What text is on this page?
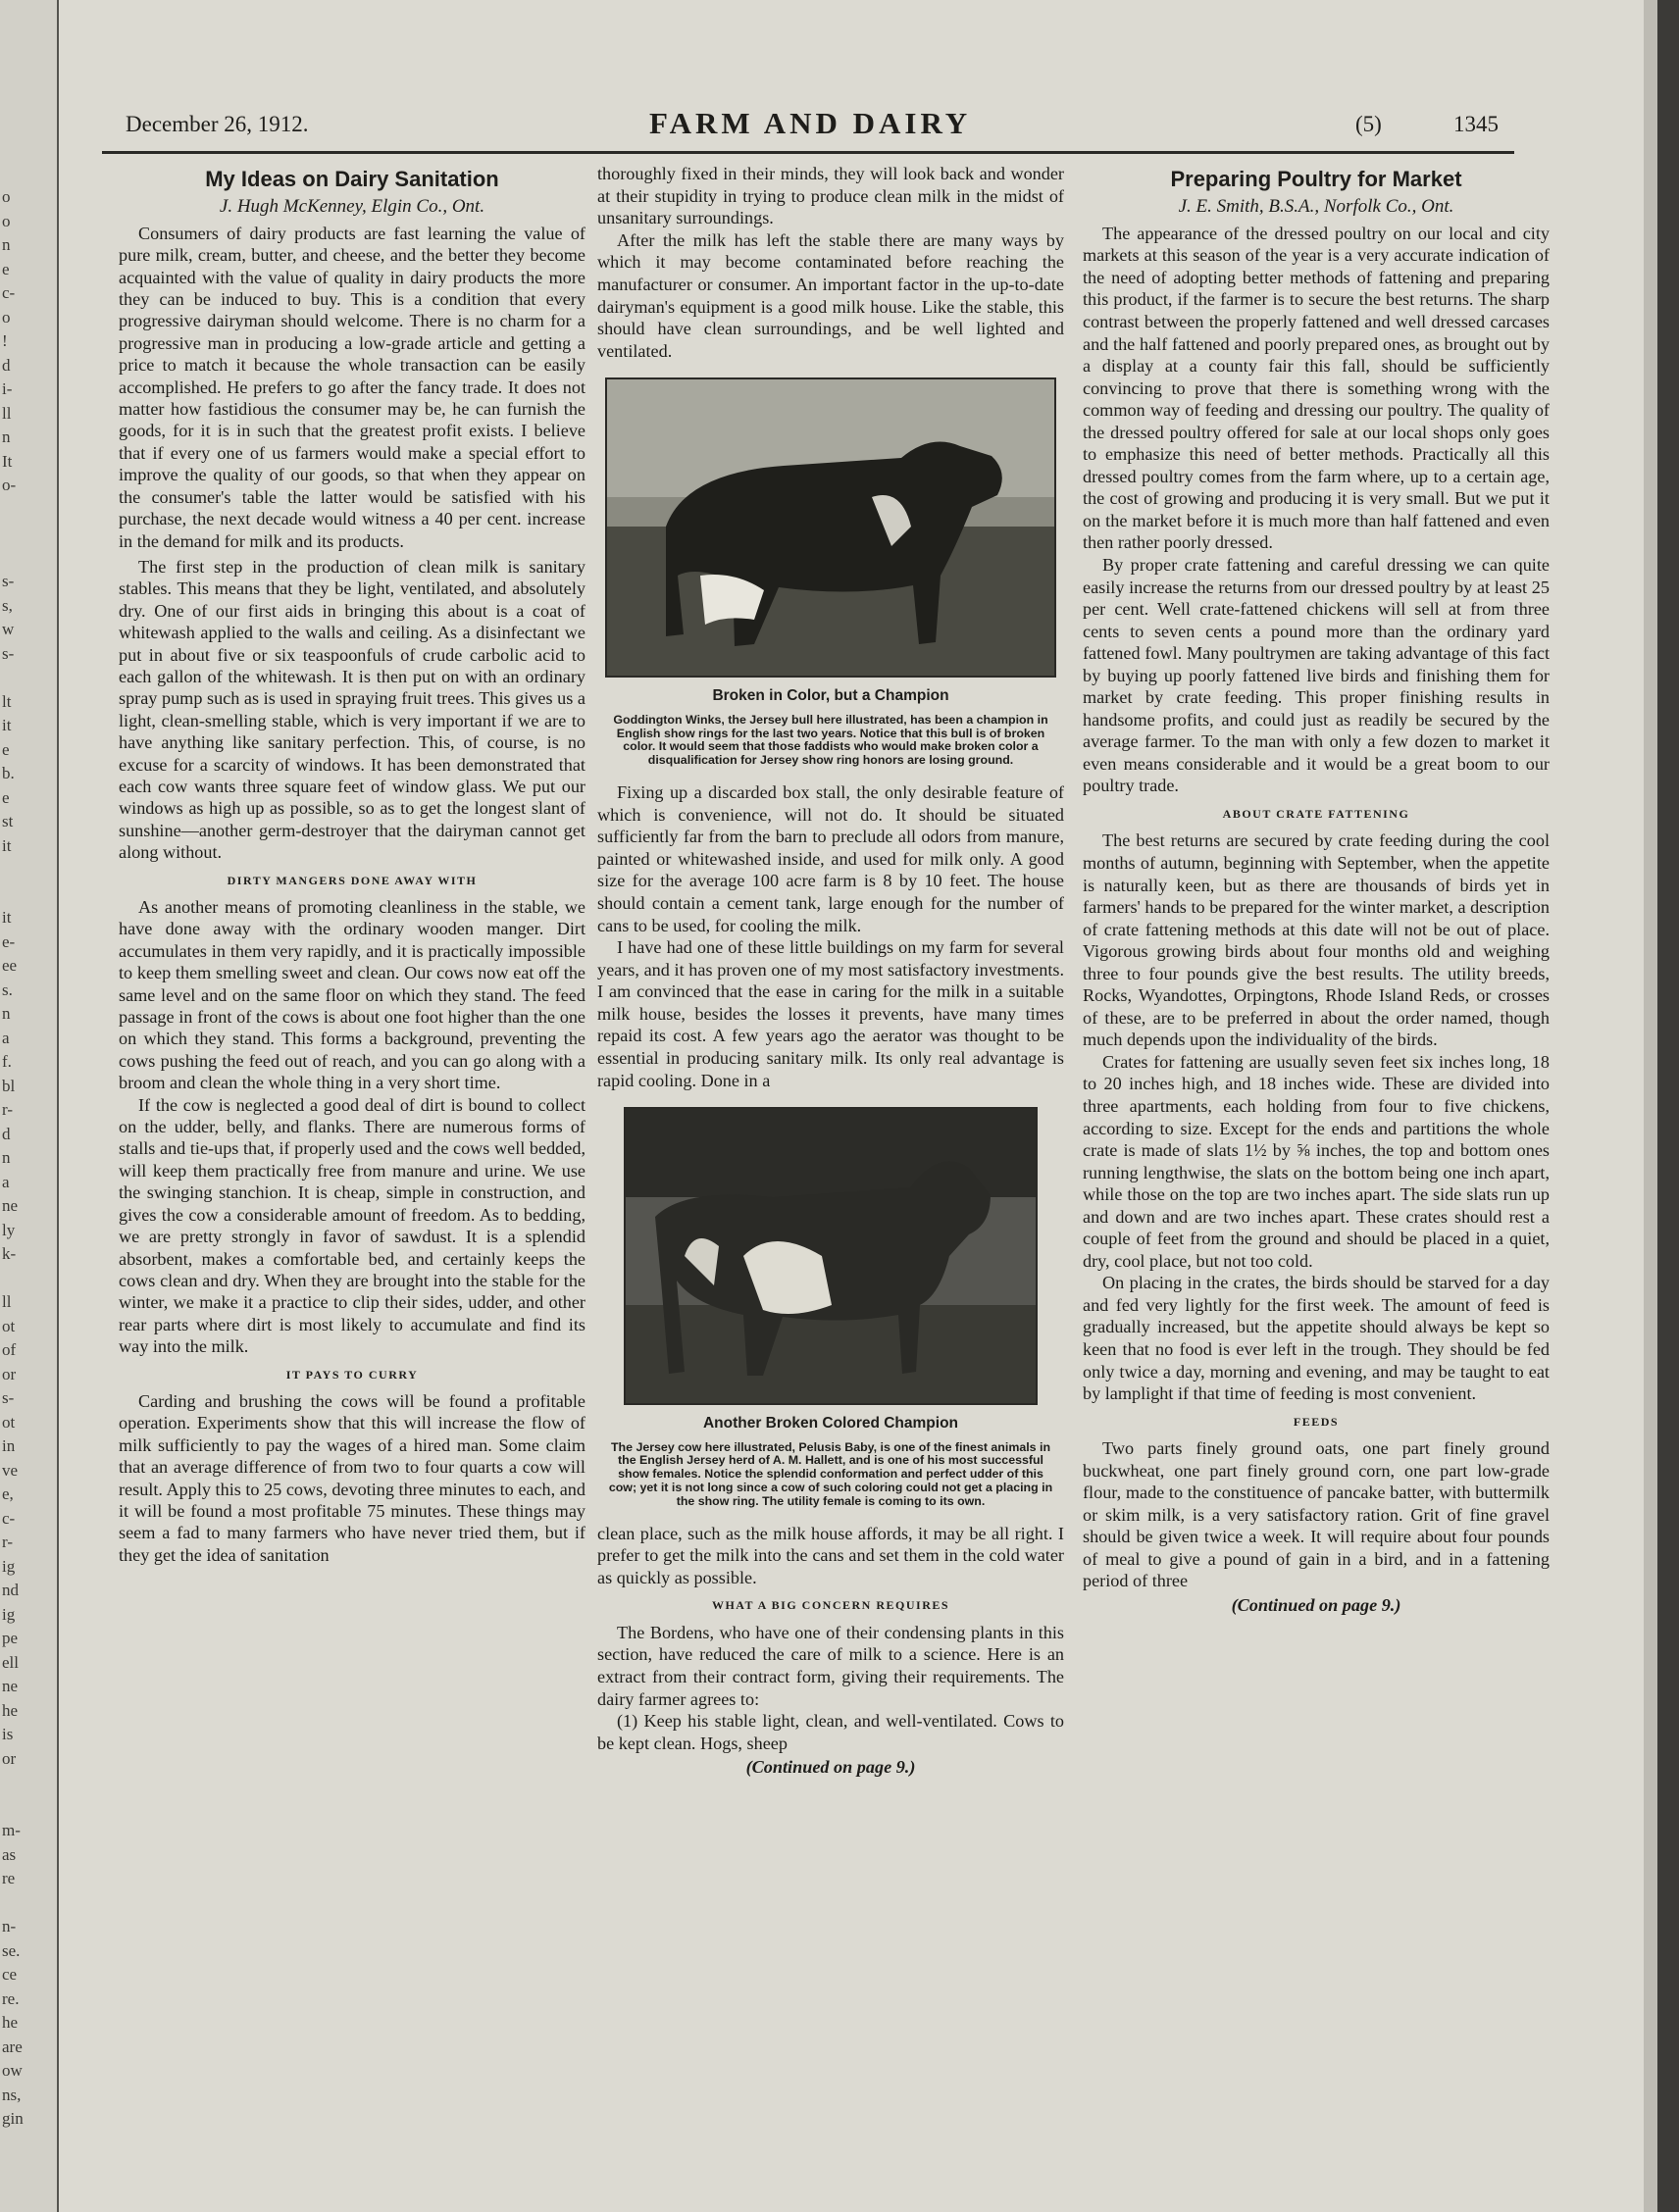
o
o
n
e
c-
o
!
d
i-
ll
n
It
o-
s-
s,
w
s-
lt
it
e
b.
e
st
it
it
e-
ee
s.
n
a
f.
bl
r-
d
n
a
ne
ly
k-
ll
ot
of
or
s-
ot
in
ve
e,
c-
r-
ig
nd
ig
pe
ell
ne
he
is
or
m-
as
re
n-
se.
ce
re.
he
are
ow
ns,
gin
December 26, 1912.	FARM AND DAIRY	(5)	1345
My Ideas on Dairy Sanitation
J. Hugh McKenney, Elgin Co., Ont.

Consumers of dairy products are fast learning the value of pure milk, cream, butter, and cheese, and the better they become acquainted with the value of quality in dairy products the more they can be induced to buy. This is a condition that every progressive dairyman should welcome. There is no charm for a progressive man in producing a low-grade article and getting a price to match it because the whole transaction can be easily accomplished. He prefers to go after the fancy trade. It does not matter how fastidious the consumer may be, he can furnish the goods, for it is in such that the greatest profit exists. I believe that if every one of us farmers would make a special effort to improve the quality of our goods, so that when they appear on the consumer's table the latter would be satisfied with his purchase, the next decade would witness a 40 per cent. increase in the demand for milk and its products.

The first step in the production of clean milk is sanitary stables. This means that they be light, ventilated, and absolutely dry. One of our first aids in bringing this about is a coat of whitewash applied to the walls and ceiling. As a disinfectant we put in about five or six teaspoonfuls of crude carbolic acid to each gallon of the whitewash. It is then put on with an ordinary spray pump such as is used in spraying fruit trees. This gives us a light, clean-smelling stable, which is very important if we are to have anything like sanitary perfection. This, of course, is no excuse for a scarcity of windows. It has been demonstrated that each cow wants three square feet of window glass. We put our windows as high up as possible, so as to get the longest slant of sunshine—another germ-destroyer that the dairyman cannot get along without.

DIRTY MANGERS DONE AWAY WITH

As another means of promoting cleanliness in the stable, we have done away with the ordinary wooden manger. Dirt accumulates in them very rapidly, and it is practically impossible to keep them smelling sweet and clean. Our cows now eat off the same level and on the same floor on which they stand. The feed passage in front of the cows is about one foot higher than the one on which they stand. This forms a background, preventing the cows pushing the feed out of reach, and you can go along with a broom and clean the whole thing in a very short time.

If the cow is neglected a good deal of dirt is bound to collect on the udder, belly, and flanks. There are numerous forms of stalls and tie-ups that, if properly used and the cows well bedded, will keep them practically free from manure and urine. We use the swinging stanchion. It is cheap, simple in construction, and gives the cow a considerable amount of freedom. As to bedding, we are pretty strongly in favor of sawdust. It is a splendid absorbent, makes a comfortable bed, and certainly keeps the cows clean and dry. When they are brought into the stable for the winter, we make it a practice to clip their sides, udder, and other rear parts where dirt is most likely to accumulate and find its way into the milk.

IT PAYS TO CURRY

Carding and brushing the cows will be found a profitable operation. Experiments show that this will increase the flow of milk sufficiently to pay the wages of a hired man. Some claim that an average difference of from two to four quarts a cow will result. Apply this to 25 cows, devoting three minutes to each, and it will be found a most profitable 75 minutes. These things may seem a fad to many farmers who have never tried them, but if they get the idea of sanitation

thoroughly fixed in their minds, they will look back and wonder at their stupidity in trying to produce clean milk in the midst of unsanitary surroundings.

After the milk has left the stable there are many ways by which it may become contaminated before reaching the manufacturer or consumer. An important factor in the up-to-date dairyman's equipment is a good milk house. Like the stable, this should have clean surroundings, and be well lighted and ventilated.

Broken in Color, but a Champion
Goddington Winks, the Jersey bull here illustrated, has been a champion in English show rings for the last two years. Notice that this bull is of broken color. It would seem that those faddists who would make broken color a disqualification for Jersey show ring honors are losing ground.

Fixing up a discarded box stall, the only desirable feature of which is convenience, will not do. It should be situated sufficiently far from the barn to preclude all odors from manure, painted or whitewashed inside, and used for milk only. A good size for the average 100 acre farm is 8 by 10 feet. The house should contain a cement tank, large enough for the number of cans to be used, for cooling the milk.

I have had one of these little buildings on my farm for several years, and it has proven one of my most satisfactory investments. I am convinced that the ease in caring for the milk in a suitable milk house, besides the losses it prevents, have many times repaid its cost. A few years ago the aerator was thought to be essential in producing sanitary milk. Its only real advantage is rapid cooling. Done in a

Another Broken Colored Champion
The Jersey cow here illustrated, Pelusis Baby, is one of the finest animals in the English Jersey herd of A. M. Hallett, and is one of his most successful show females. Notice the splendid conformation and perfect udder of this cow; yet it is not long since a cow of such coloring could not get a placing in the show ring. The utility female is coming to its own.

clean place, such as the milk house affords, it may be all right. I prefer to get the milk into the cans and set them in the cold water as quickly as possible.

WHAT A BIG CONCERN REQUIRES

The Bordens, who have one of their condensing plants in this section, have reduced the care of milk to a science. Here is an extract from their contract form, giving their requirements. The dairy farmer agrees to:

(1) Keep his stable light, clean, and well-ventilated. Cows to be kept clean. Hogs, sheep

(Continued on page 9.)
Preparing Poultry for Market
J. E. Smith, B.S.A., Norfolk Co., Ont.

The appearance of the dressed poultry on our local and city markets at this season of the year is a very accurate indication of the need of adopting better methods of fattening and preparing this product, if the farmer is to secure the best returns. The sharp contrast between the properly fattened and well dressed carcases and the half fattened and poorly prepared ones, as brought out by a display at a county fair this fall, should be sufficiently convincing to prove that there is something wrong with the common way of feeding and dressing our poultry. The quality of the dressed poultry offered for sale at our local shops only goes to emphasize this need of better methods. Practically all this dressed poultry comes from the farm where, up to a certain age, the cost of growing and producing it is very small. But we put it on the market before it is much more than half fattened and even then rather poorly dressed.

By proper crate fattening and careful dressing we can quite easily increase the returns from our dressed poultry by at least 25 per cent. Well crate-fattened chickens will sell at from three cents to seven cents a pound more than the ordinary yard fattened fowl. Many poultrymen are taking advantage of this fact by buying up poorly fattened live birds and finishing them for market by crate feeding. This proper finishing results in handsome profits, and could just as readily be secured by the average farmer. To the man with only a few dozen to market it even means considerable and it would be a great boom to our poultry trade.

ABOUT CRATE FATTENING

The best returns are secured by crate feeding during the cool months of autumn, beginning with September, when the appetite is naturally keen, but as there are thousands of birds yet in farmers' hands to be prepared for the winter market, a description of crate fattening methods at this date will not be out of place. Vigorous growing birds about four months old and weighing three to four pounds give the best results. The utility breeds, Rocks, Wyandottes, Orpingtons, Rhode Island Reds, or crosses of these, are to be preferred in about the order named, though much depends upon the individuality of the birds.

Crates for fattening are usually seven feet six inches long, 18 to 20 inches high, and 18 inches wide. These are divided into three apartments, each holding from four to five chickens, according to size. Except for the ends and partitions the whole crate is made of slats 1½ by ⅝ inches, the top and bottom ones running lengthwise, the slats on the bottom being one inch apart, while those on the top are two inches apart. The side slats run up and down and are two inches apart. These crates should rest a couple of feet from the ground and should be placed in a quiet, dry, cool place, but not too cold.

On placing in the crates, the birds should be starved for a day and fed very lightly for the first week. The amount of feed is gradually increased, but the appetite should always be kept so keen that no food is ever left in the trough. They should be fed only twice a day, morning and evening, and may be taught to eat by lamplight if that time of feeding is most convenient.

FEEDS

Two parts finely ground oats, one part finely ground buckwheat, one part finely ground corn, one part low-grade flour, made to the constituence of pancake batter, with buttermilk or skim milk, is a very satisfactory ration. Grit of fine gravel should be given twice a week. It will require about four pounds of meal to give a pound of gain in a bird, and in a fattening period of three

(Continued on page 9.)
